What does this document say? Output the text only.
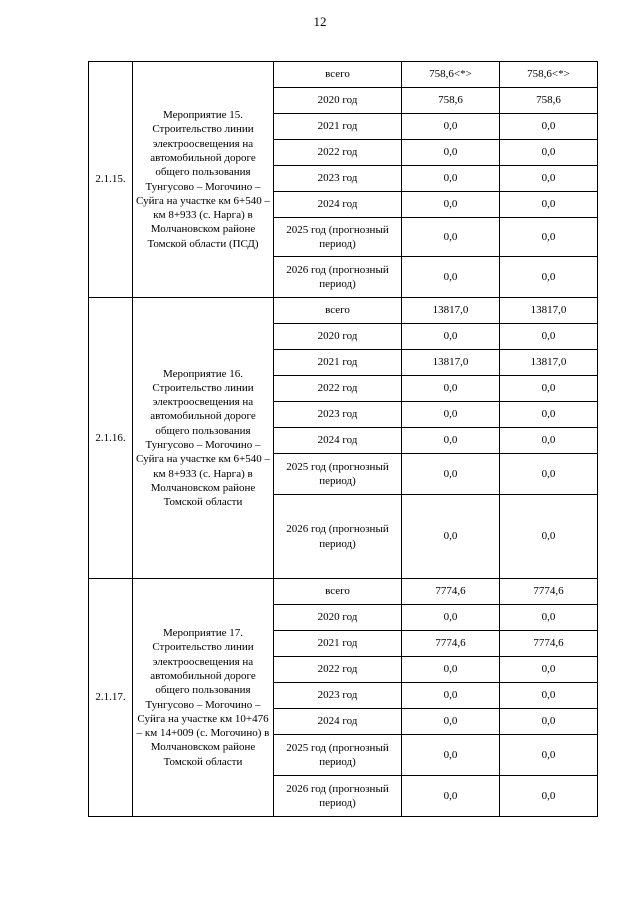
12
2.1.15.	Мероприятие 15. Строительство линии электроосвещения на автомобильной дороге общего пользования Тунгусово – Могочино – Суйга на участке км 6+540 – км 8+933 (с. Нарга) в Молчановском районе Томской области (ПСД)	всего	758,6<*>	758,6<*>
		2020 год	758,6	758,6
		2021 год	0,0	0,0
		2022 год	0,0	0,0
		2023 год	0,0	0,0
		2024 год	0,0	0,0
		2025 год (прогнозный период)	0,0	0,0
		2026 год (прогнозный период)	0,0	0,0
2.1.16.	Мероприятие 16. Строительство линии электроосвещения на автомобильной дороге общего пользования Тунгусово – Могочино – Суйга на участке км 6+540 – км 8+933 (с. Нарга) в Молчановском районе Томской области	всего	13817,0	13817,0
		2020 год	0,0	0,0
		2021 год	13817,0	13817,0
		2022 год	0,0	0,0
		2023 год	0,0	0,0
		2024 год	0,0	0,0
		2025 год (прогнозный период)	0,0	0,0
		2026 год (прогнозный период)	0,0	0,0
2.1.17.	Мероприятие 17. Строительство линии электроосвещения на автомобильной дороге общего пользования Тунгусово – Могочино – Суйга на участке км 10+476 – км 14+009 (с. Могочино) в Молчановском районе Томской области	всего	7774,6	7774,6
		2020 год	0,0	0,0
		2021 год	7774,6	7774,6
		2022 год	0,0	0,0
		2023 год	0,0	0,0
		2024 год	0,0	0,0
		2025 год (прогнозный период)	0,0	0,0
		2026 год (прогнозный период)	0,0	0,0
